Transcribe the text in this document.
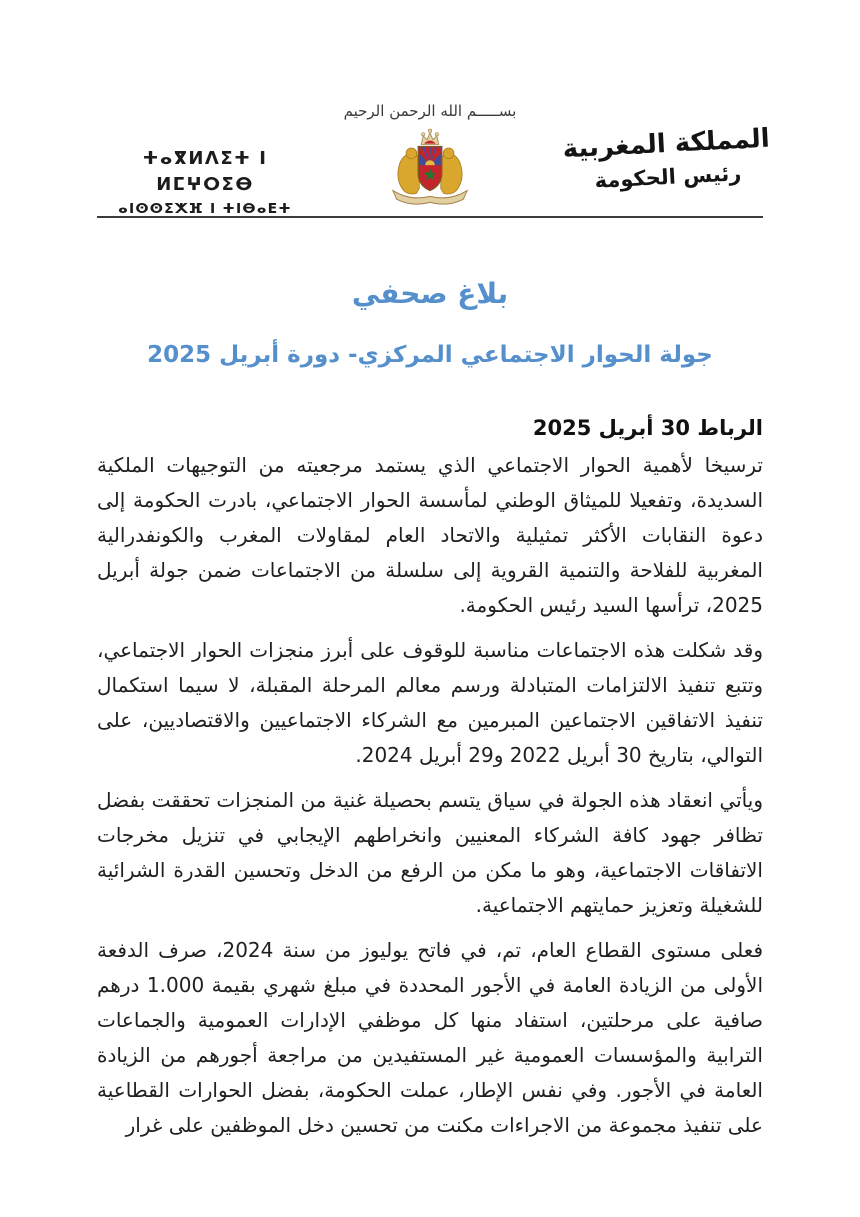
ⵜⴰⴳⵍⴷⵉⵜ ⵏ ⵍⵎⵖⵔⵉⴱ
ⴰⵏⵙⵙⵉⵅⴼ ⵏ ⵜⵏⴱⴰⴹⵜ
بســـــم الله الرحمن الرحيم
المملكة المغربية
رئيس الحكومة
بلاغ صحفي
جولة الحوار الاجتماعي المركزي- دورة أبريل 2025
الرباط 30 أبريل 2025

ترسيخا لأهمية الحوار الاجتماعي الذي يستمد مرجعيته من التوجيهات الملكية السديدة، وتفعيلا للميثاق الوطني لمأسسة الحوار الاجتماعي، بادرت الحكومة إلى دعوة النقابات الأكثر تمثيلية والاتحاد العام لمقاولات المغرب والكونفدرالية المغربية للفلاحة والتنمية القروية إلى سلسلة من الاجتماعات ضمن جولة أبريل 2025، ترأسها السيد رئيس الحكومة.

وقد شكلت هذه الاجتماعات مناسبة للوقوف على أبرز منجزات الحوار الاجتماعي، وتتبع تنفيذ الالتزامات المتبادلة ورسم معالم المرحلة المقبلة، لا سيما استكمال تنفيذ الاتفاقين الاجتماعين المبرمين مع الشركاء الاجتماعيين والاقتصاديين، على التوالي، بتاريخ 30 أبريل 2022 و29 أبريل 2024.

ويأتي انعقاد هذه الجولة في سياق يتسم بحصيلة غنية من المنجزات تحققت بفضل تظافر جهود كافة الشركاء المعنيين وانخراطهم الإيجابي في تنزيل مخرجات الاتفاقات الاجتماعية، وهو ما مكن من الرفع من الدخل وتحسين القدرة الشرائية للشغيلة وتعزيز حمايتهم الاجتماعية.

فعلى مستوى القطاع العام، تم، في فاتح يوليوز من سنة 2024، صرف الدفعة الأولى من الزيادة العامة في الأجور المحددة في مبلغ شهري بقيمة 1.000 درهم صافية على مرحلتين، استفاد منها كل موظفي الإدارات العمومية والجماعات الترابية والمؤسسات العمومية غير المستفيدين من مراجعة أجورهم من الزيادة العامة في الأجور. وفي نفس الإطار، عملت الحكومة، بفضل الحوارات القطاعية على تنفيذ مجموعة من الاجراءات مكنت من تحسين دخل الموظفين على غرار
